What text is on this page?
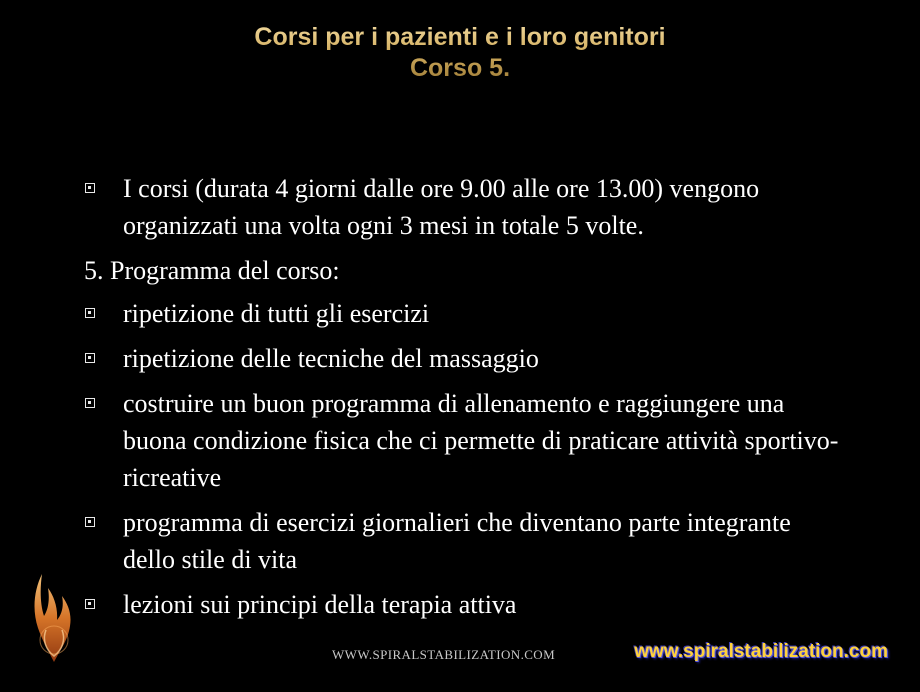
Corsi per i pazienti e i loro genitori
Corso 5.
I corsi (durata 4 giorni dalle ore 9.00 alle ore 13.00) vengono organizzati una volta ogni 3 mesi in totale 5 volte.
5. Programma del corso:
ripetizione di tutti gli esercizi
ripetizione delle tecniche del massaggio
costruire un buon programma di allenamento e raggiungere una buona condizione fisica che ci permette di praticare attività sportivo-ricreative
programma di esercizi giornalieri che diventano parte integrante dello stile di vita
lezioni sui principi della terapia attiva
WWW.SPIRALSTABILIZATION.COM	www.spiralstabilization.com
